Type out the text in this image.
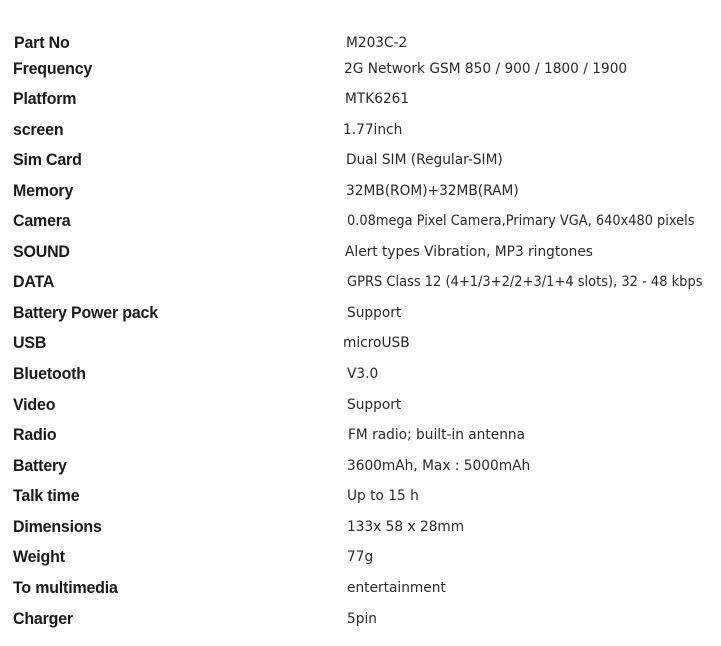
Part No	M203C-2
Frequency	2G Network GSM 850 / 900 / 1800 / 1900
Platform	MTK6261
screen	1.77inch
Sim Card	Dual SIM (Regular-SIM)
Memory	32MB(ROM)+32MB(RAM)
Camera	0.08mega Pixel Camera,Primary VGA, 640x480 pixels
SOUND	Alert types Vibration, MP3 ringtones
DATA	GPRS Class 12 (4+1/3+2/2+3/1+4 slots), 32 - 48 kbps
Battery Power pack	Support
USB	microUSB
Bluetooth	V3.0
Video	Support
Radio	FM radio; built-in antenna
Battery	3600mAh, Max : 5000mAh
Talk time	Up to 15 h
Dimensions	133x 58 x 28mm
Weight	77g
To multimedia	entertainment
Charger	5pin
